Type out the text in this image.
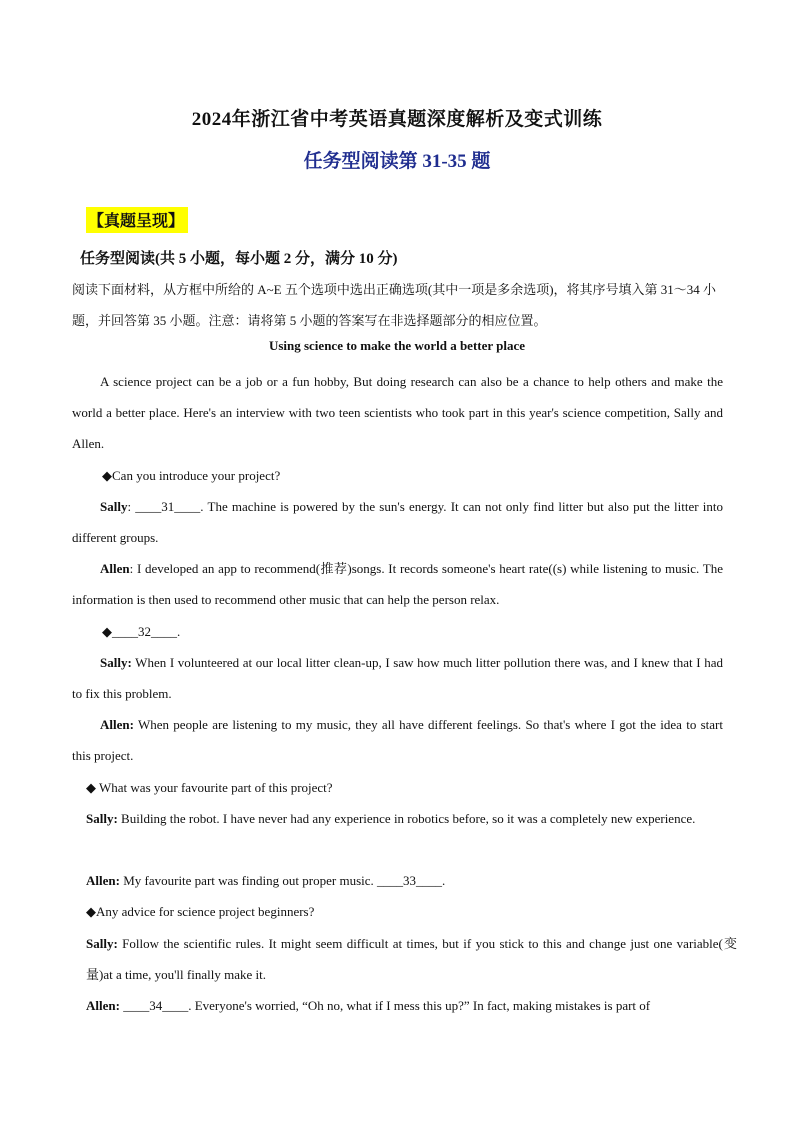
2024年浙江省中考英语真题深度解析及变式训练
任务型阅读第 31-35 题
【真题呈现】
任务型阅读(共 5 小题，每小题 2 分，满分 10 分)
阅读下面材料，从方框中所给的 A~E 五个选项中选出正确选项(其中一项是多余选项)，将其序号填入第 31～34 小题，并回答第 35 小题。注意：请将第 5 小题的答案写在非选择题部分的相应位置。
Using science to make the world a better place
A science project can be a job or a fun hobby, But doing research can also be a chance to help others and make the world a better place. Here's an interview with two teen scientists who took part in this year's science competition, Sally and Allen.
◆Can you introduce your project?
Sally: ____31____. The machine is powered by the sun's energy. It can not only find litter but also put the litter into different groups.
Allen: I developed an app to recommend(推荐)songs. It records someone's heart rate((s) while listening to music. The information is then used to recommend other music that can help the person relax.
◆____32____.
Sally: When I volunteered at our local litter clean-up, I saw how much litter pollution there was, and I knew that I had to fix this problem.
Allen: When people are listening to my music, they all have different feelings. So that's where I got the idea to start this project.
◆ What was your favourite part of this project?
Sally: Building the robot. I have never had any experience in robotics before, so it was a completely new experience.
Allen: My favourite part was finding out proper music. ____33____.
◆Any advice for science project beginners?
Sally: Follow the scientific rules. It might seem difficult at times, but if you stick to this and change just one variable(变量)at a time, you'll finally make it.
Allen: ____34____. Everyone's worried, “Oh no, what if I mess this up?” In fact, making mistakes is part of
